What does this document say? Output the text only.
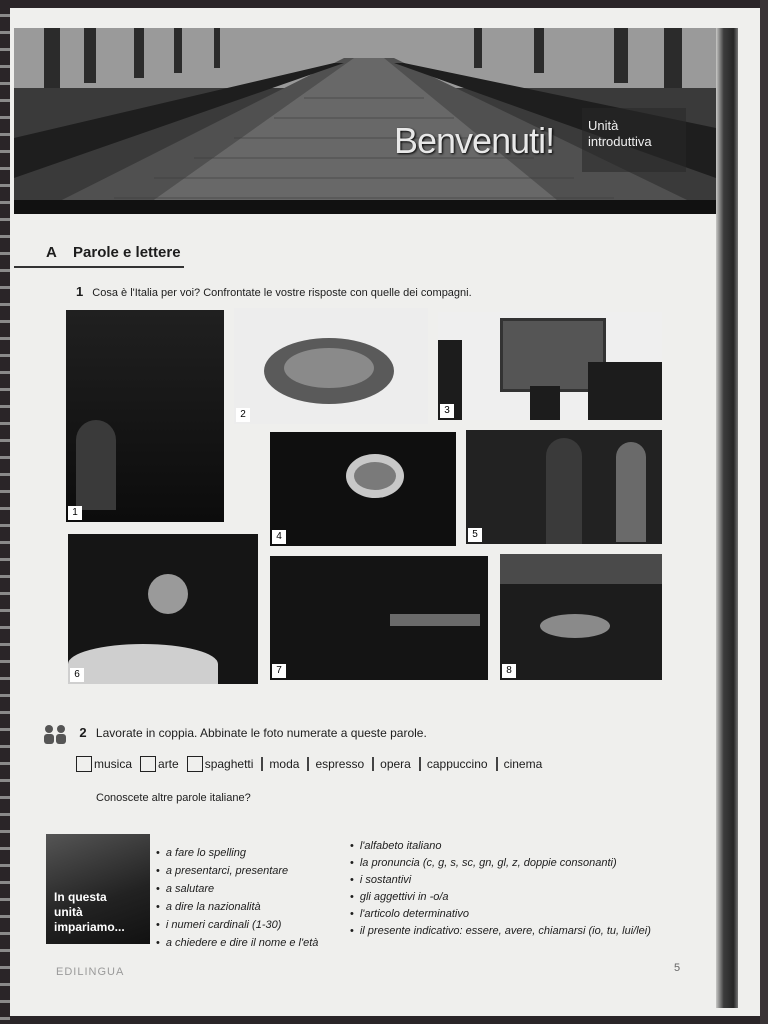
Benvenuti!	Unità
introduttiva
A Parole e lettere
1 Cosa è l'Italia per voi? Confrontate le vostre risposte con quelle dei compagni.
1
2	3
4	5
6	7	8
2 Lavorate in coppia. Abbinate le foto numerate a queste parole.
musica arte spaghetti moda espresso opera cappuccino cinema
Conoscete altre parole italiane?
In questa
unità
impariamo...
• a fare lo spelling
• a presentarci, presentare
• a salutare
• a dire la nazionalità
• i numeri cardinali (1-30)
• a chiedere e dire il nome e l'età
• l'alfabeto italiano
• la pronuncia (c, g, s, sc, gn, gl, z, doppie consonanti)
• i sostantivi
• gli aggettivi in -o/a
• l'articolo determinativo
• il presente indicativo: essere, avere, chiamarsi (io, tu, lui/lei)
EDILINGUA	5
